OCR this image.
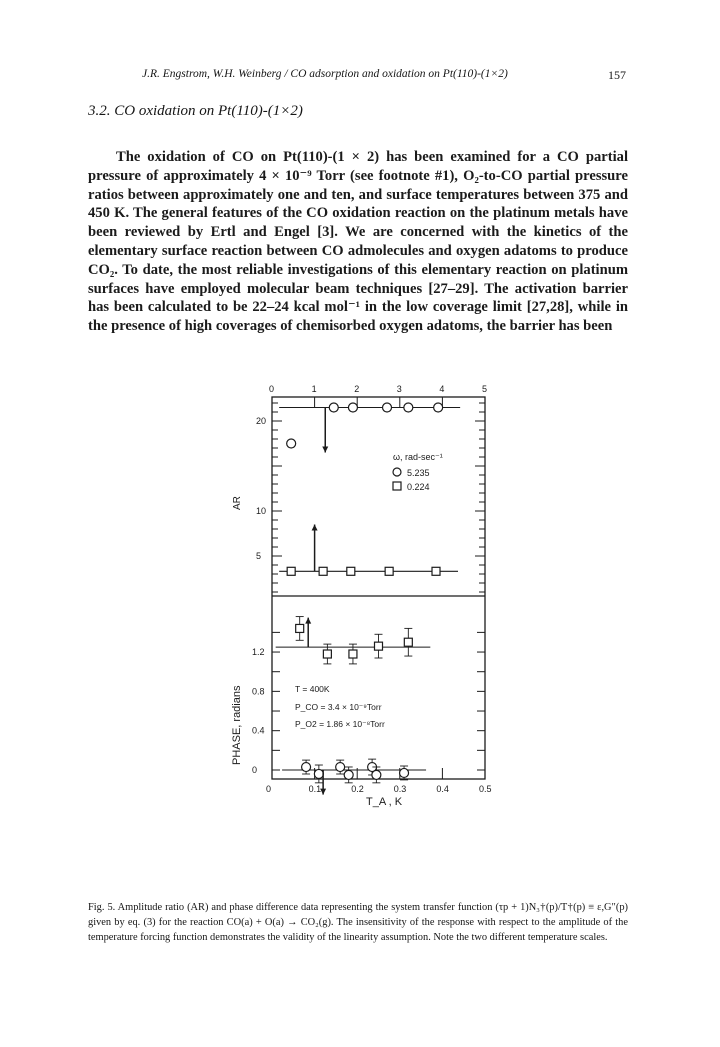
J.R. Engstrom, W.H. Weinberg / CO adsorption and oxidation on Pt(110)-(1×2)	157
3.2. CO oxidation on Pt(110)-(1×2)

The oxidation of CO on Pt(110)-(1 × 2) has been examined for a CO partial pressure of approximately 4 × 10⁻⁹ Torr (see footnote #1), O₂-to-CO partial pressure ratios between approximately one and ten, and surface temperatures between 375 and 450 K. The general features of the CO oxidation reaction on the platinum metals have been reviewed by Ertl and Engel [3]. We are concerned with the kinetics of the elementary surface reaction between CO admolecules and oxygen adatoms to produce CO₂. To date, the most reliable investigations of this elementary reaction on platinum surfaces have employed molecular beam techniques [27–29]. The activation barrier has been calculated to be 22–24 kcal mol⁻¹ in the low coverage limit [27,28], while in the presence of high coverages of chemisorbed oxygen adatoms, the barrier has been

0	1	2	3	4	5
0	0.1	0.2	0.3	0.4	0.5
5
10
20
0
0.4
0.8
1.2
AR
PHASE, radians
T_A , K
ω, rad-sec⁻¹
5.235
0.224
T = 400K
P_CO = 3.4 × 10⁻⁹Torr
P_O2 = 1.86 × 10⁻⁸Torr
Fig. 5. Amplitude ratio (AR) and phase difference data representing the system transfer function (τp + 1)N₃†(p)/T†(p) ≡ ε,G″(p) given by eq. (3) for the reaction CO(a) + O(a) → CO₂(g). The insensitivity of the response with respect to the amplitude of the temperature forcing function demonstrates the validity of the linearity assumption. Note the two different temperature scales.
